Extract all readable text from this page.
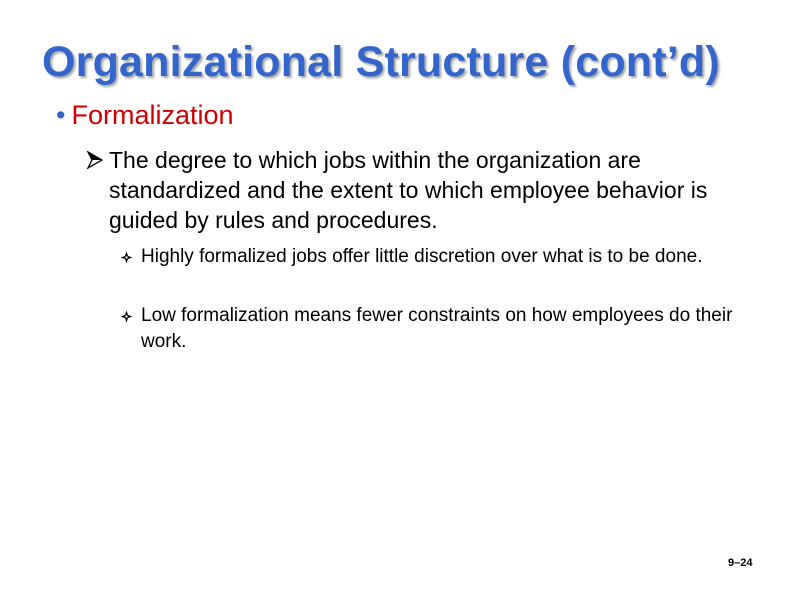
Organizational Structure (cont’d)
• Formalization
The degree to which jobs within the organization are standardized and the extent to which employee behavior is guided by rules and procedures.
Highly formalized jobs offer little discretion over what is to be done.
Low formalization means fewer constraints on how employees do their work.
9–24
